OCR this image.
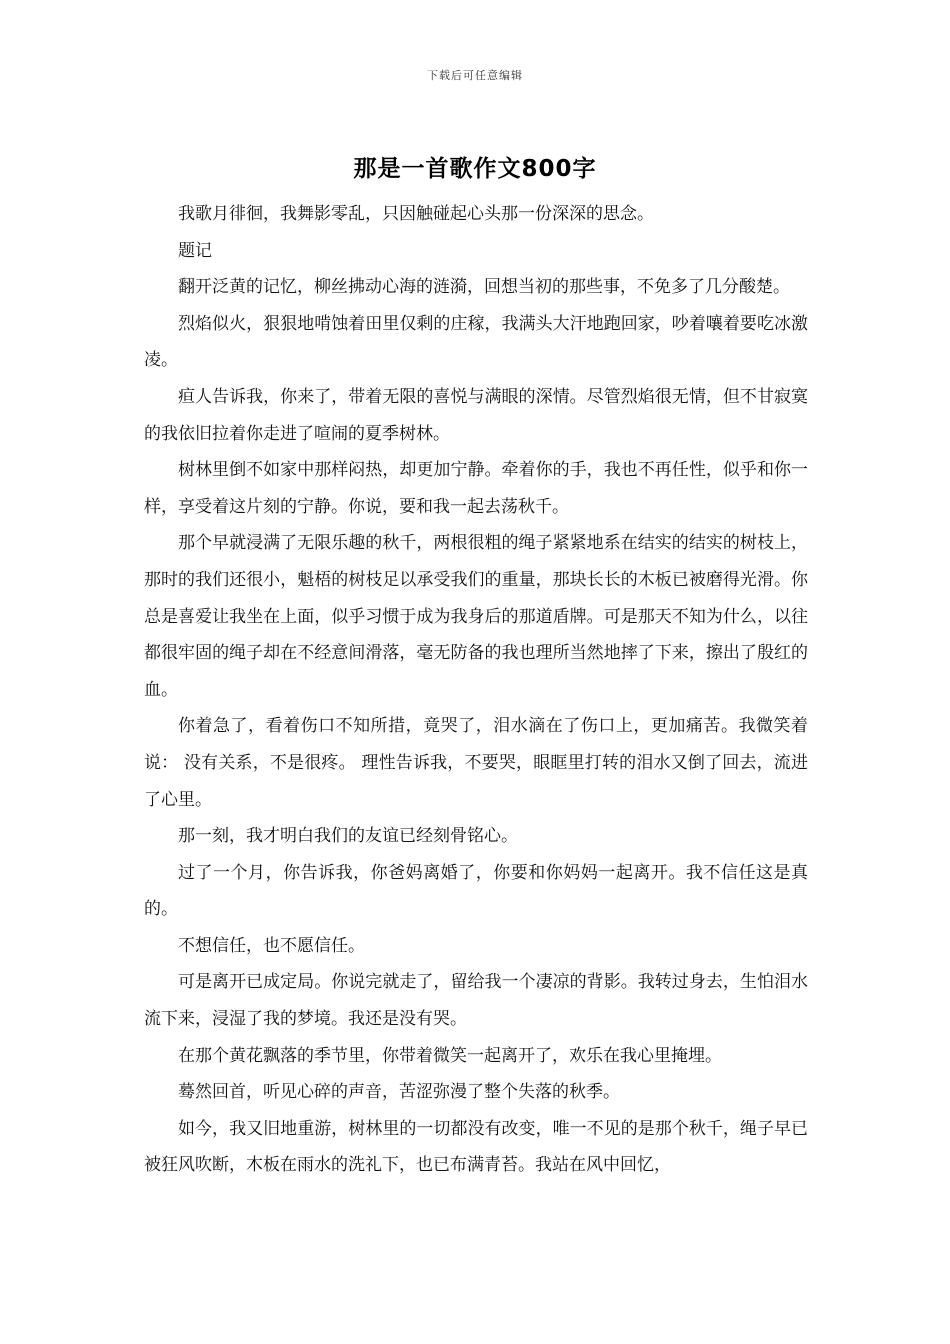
下载后可任意编辑
那是一首歌作文800字

我歌月徘徊，我舞影零乱，只因触碰起心头那一份深深的思念。

题记

翻开泛黄的记忆，柳丝拂动心海的涟漪，回想当初的那些事，不免多了几分酸楚。

烈焰似火，狠狠地啃蚀着田里仅剩的庄稼，我满头大汗地跑回家，吵着嚷着要吃冰激凌。

疸人告诉我，你来了，带着无限的喜悦与满眼的深情。尽管烈焰很无情，但不甘寂寞的我依旧拉着你走进了喧闹的夏季树林。

树林里倒不如家中那样闷热，却更加宁静。牵着你的手，我也不再任性，似乎和你一样，享受着这片刻的宁静。你说，要和我一起去荡秋千。

那个早就浸满了无限乐趣的秋千，两根很粗的绳子紧紧地系在结实的结实的树枝上，那时的我们还很小，魁梧的树枝足以承受我们的重量，那块长长的木板已被磨得光滑。你总是喜爱让我坐在上面，似乎习惯于成为我身后的那道盾牌。可是那天不知为什么，以往都很牢固的绳子却在不经意间滑落，毫无防备的我也理所当然地摔了下来，擦出了殷红的血。

你着急了，看着伤口不知所措，竟哭了，泪水滴在了伤口上，更加痛苦。我微笑着说： 没有关系，不是很疼。 理性告诉我，不要哭，眼眶里打转的泪水又倒了回去，流进了心里。

那一刻，我才明白我们的友谊已经刻骨铭心。

过了一个月，你告诉我，你爸妈离婚了，你要和你妈妈一起离开。我不信任这是真的。

不想信任，也不愿信任。

可是离开已成定局。你说完就走了，留给我一个凄凉的背影。我转过身去，生怕泪水流下来，浸湿了我的梦境。我还是没有哭。

在那个黄花飘落的季节里，你带着微笑一起离开了，欢乐在我心里掩埋。

蓦然回首，听见心碎的声音，苦涩弥漫了整个失落的秋季。

如今，我又旧地重游，树林里的一切都没有改变，唯一不见的是那个秋千，绳子早已被狂风吹断，木板在雨水的洗礼下，也已布满青苔。我站在风中回忆，
